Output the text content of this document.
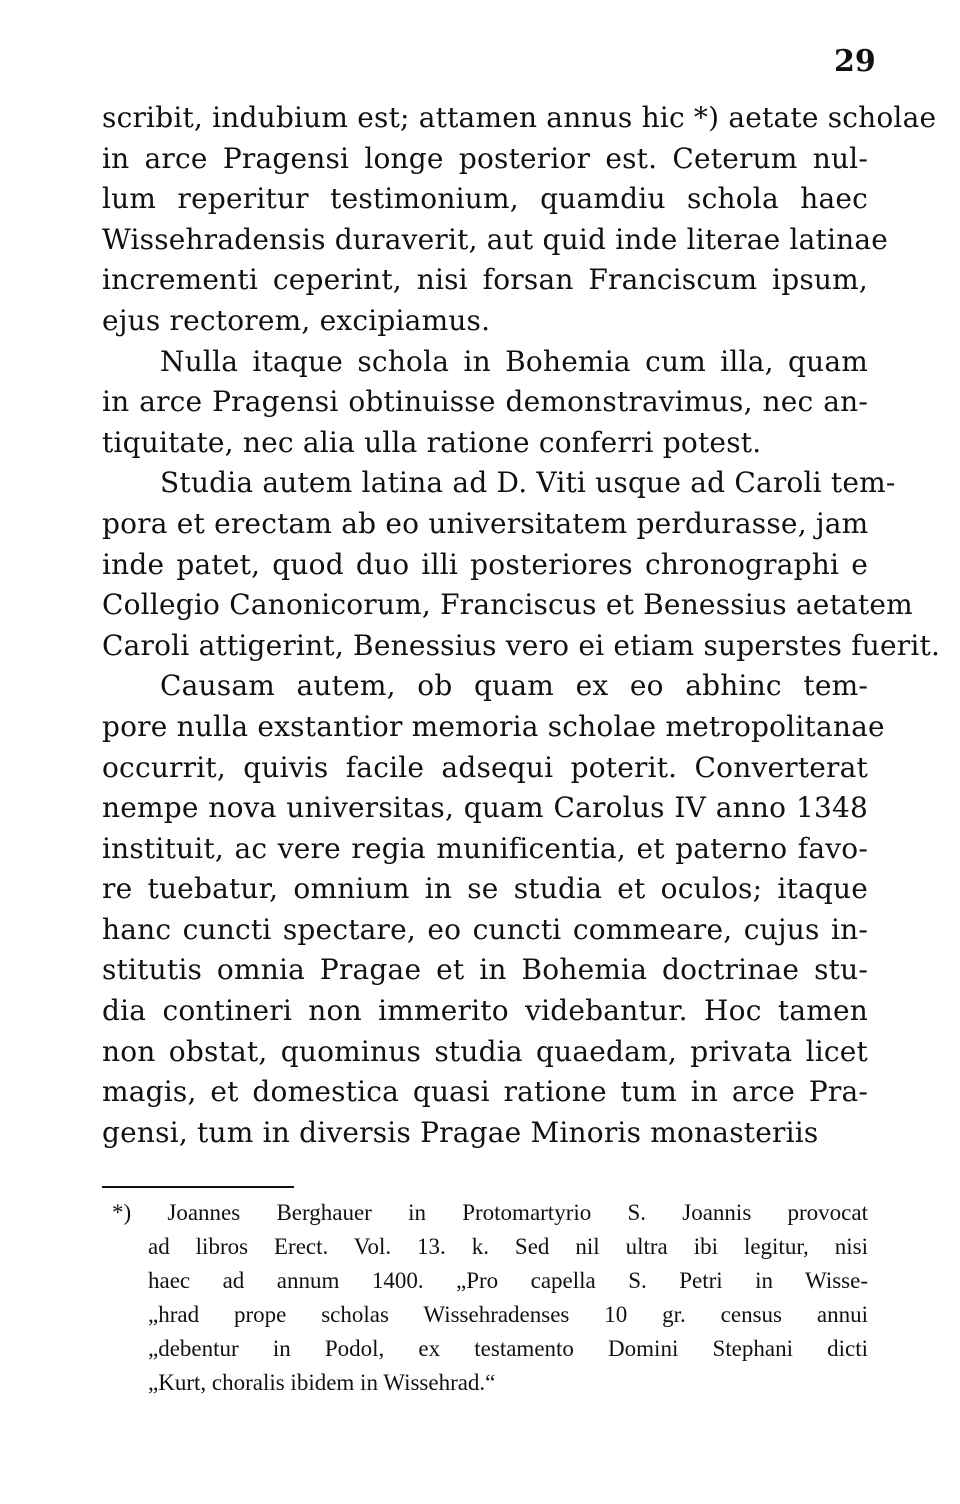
29
scribit, indubium est; attamen annus hic *) aetate scholae
in arce Pragensi longe posterior est. Ceterum nul-
lum reperitur testimonium, quamdiu schola haec
Wissehradensis duraverit, aut quid inde literae latinae
incrementi ceperint, nisi forsan Franciscum ipsum,
ejus rectorem, excipiamus.
Nulla itaque schola in Bohemia cum illa, quam
in arce Pragensi obtinuisse demonstravimus, nec an-
tiquitate, nec alia ulla ratione conferri potest.
Studia autem latina ad D. Viti usque ad Caroli tem-
pora et erectam ab eo universitatem perdurasse, jam
inde patet, quod duo illi posteriores chronographi e
Collegio Canonicorum, Franciscus et Benessius aetatem
Caroli attigerint, Benessius vero ei etiam superstes fuerit.
Causam autem, ob quam ex eo abhinc tem-
pore nulla exstantior memoria scholae metropolitanae
occurrit, quivis facile adsequi poterit. Converterat
nempe nova universitas, quam Carolus IV anno 1348
instituit, ac vere regia munificentia, et paterno favo-
re tuebatur, omnium in se studia et oculos; itaque
hanc cuncti spectare, eo cuncti commeare, cujus in-
stitutis omnia Pragae et in Bohemia doctrinae stu-
dia contineri non immerito videbantur. Hoc tamen
non obstat, quominus studia quaedam, privata licet
magis, et domestica quasi ratione tum in arce Pra-
gensi, tum in diversis Pragae Minoris monasteriis
*) Joannes Berghauer in Protomartyrio S. Joannis provocat
ad libros Erect. Vol. 13. k. Sed nil ultra ibi legitur, nisi
haec ad annum 1400. „Pro capella S. Petri in Wisse-
„hrad prope scholas Wissehradenses 10 gr. census annui
„debentur in Podol, ex testamento Domini Stephani dicti
„Kurt, choralis ibidem in Wissehrad.“
